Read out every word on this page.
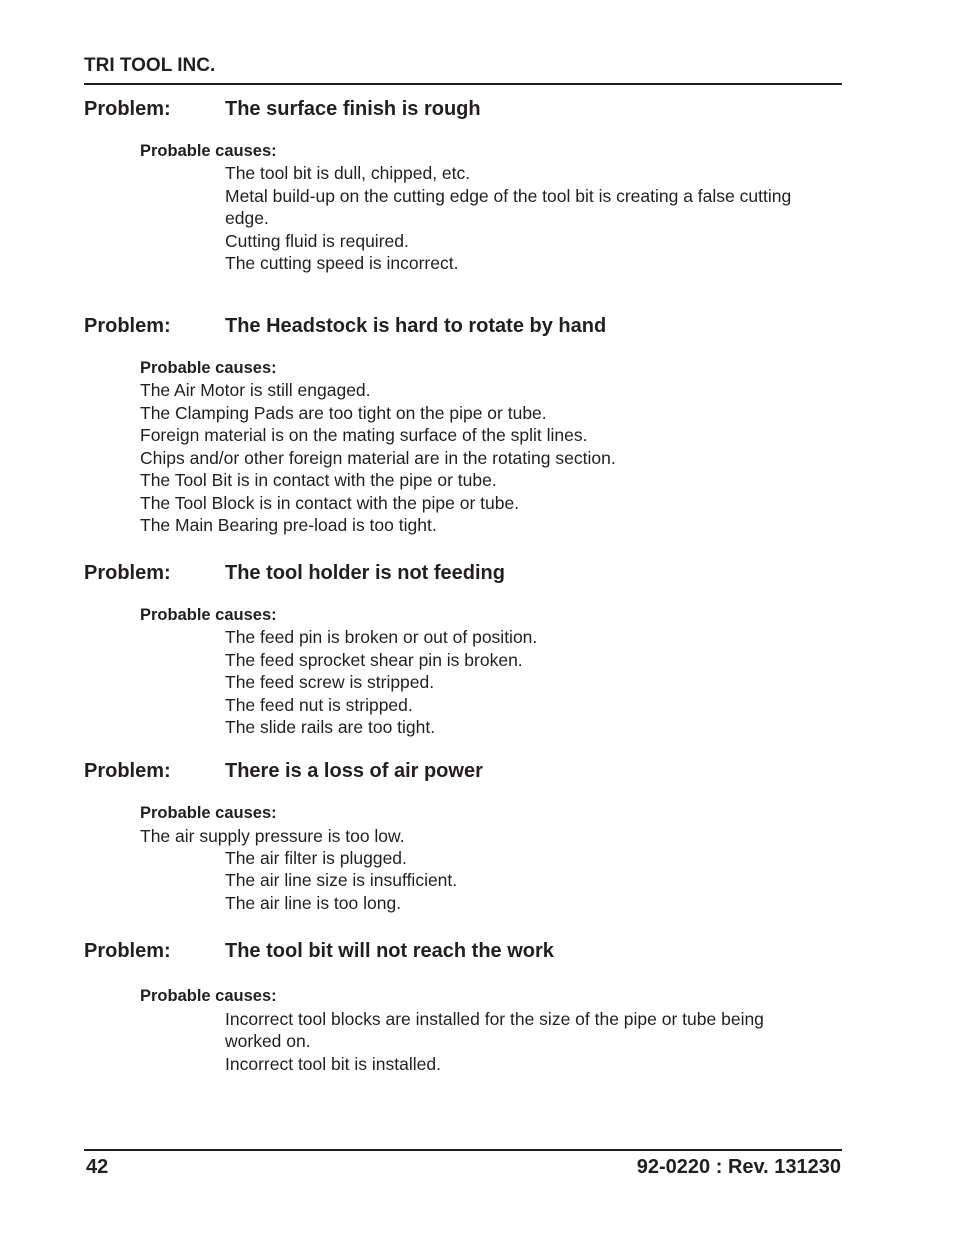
TRI TOOL INC.
Problem:	The surface finish is rough
Probable causes:
The tool bit is dull, chipped, etc.
Metal build-up on the cutting edge of the tool bit is creating a false cutting
edge.
Cutting fluid is required.
The cutting speed is incorrect.
Problem:	The Headstock is hard to rotate by hand
Probable causes:
The Air Motor is still engaged.
The Clamping Pads are too tight on the pipe or tube.
Foreign material is on the mating surface of the split lines.
Chips and/or other foreign material are in the rotating section.
The Tool Bit is in contact with the pipe or tube.
The Tool Block is in contact with the pipe or tube.
The Main Bearing pre-load is too tight.
Problem:	The tool holder is not feeding
Probable causes:
The feed pin is broken or out of position.
The feed sprocket shear pin is broken.
The feed screw is stripped.
The feed nut is stripped.
The slide rails are too tight.
Problem:	There is a loss of air power
Probable causes:
The air supply pressure is too low.
The air filter is plugged.
The air line size is insufficient.
The air line is too long.
Problem:	The tool bit will not reach the work
Probable causes:
Incorrect tool blocks are installed for the size of the pipe or tube being
worked on.
Incorrect tool bit is installed.
42	92-0220 : Rev. 131230
